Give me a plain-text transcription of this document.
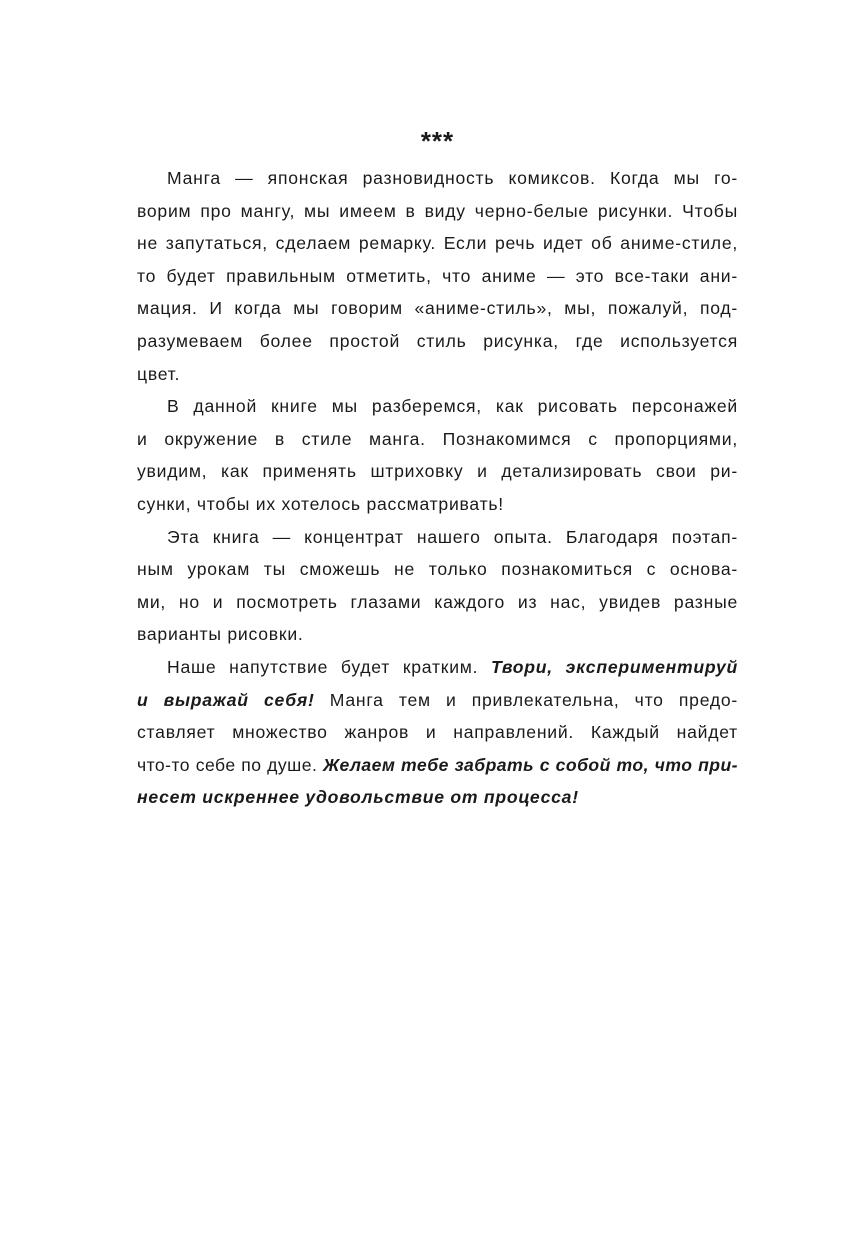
***
Манга — японская разновидность комиксов. Когда мы го-
ворим про мангу, мы имеем в виду черно-белые рисунки. Чтобы
не запутаться, сделаем ремарку. Если речь идет об аниме-стиле,
то будет правильным отметить, что аниме — это все-таки ани-
мация. И когда мы говорим «аниме-стиль», мы, пожалуй, под-
разумеваем более простой стиль рисунка, где используется
цвет.
В данной книге мы разберемся, как рисовать персонажей
и окружение в стиле манга. Познакомимся с пропорциями,
увидим, как применять штриховку и детализировать свои ри-
сунки, чтобы их хотелось рассматривать!
Эта книга — концентрат нашего опыта. Благодаря поэтап-
ным урокам ты сможешь не только познакомиться с основа-
ми, но и посмотреть глазами каждого из нас, увидев разные
варианты рисовки.
Наше напутствие будет кратким. Твори, экспериментируй
и выражай себя! Манга тем и привлекательна, что предо-
ставляет множество жанров и направлений. Каждый найдет
что-то себе по душе. Желаем тебе забрать с собой то, что при-
несет искреннее удовольствие от процесса!
